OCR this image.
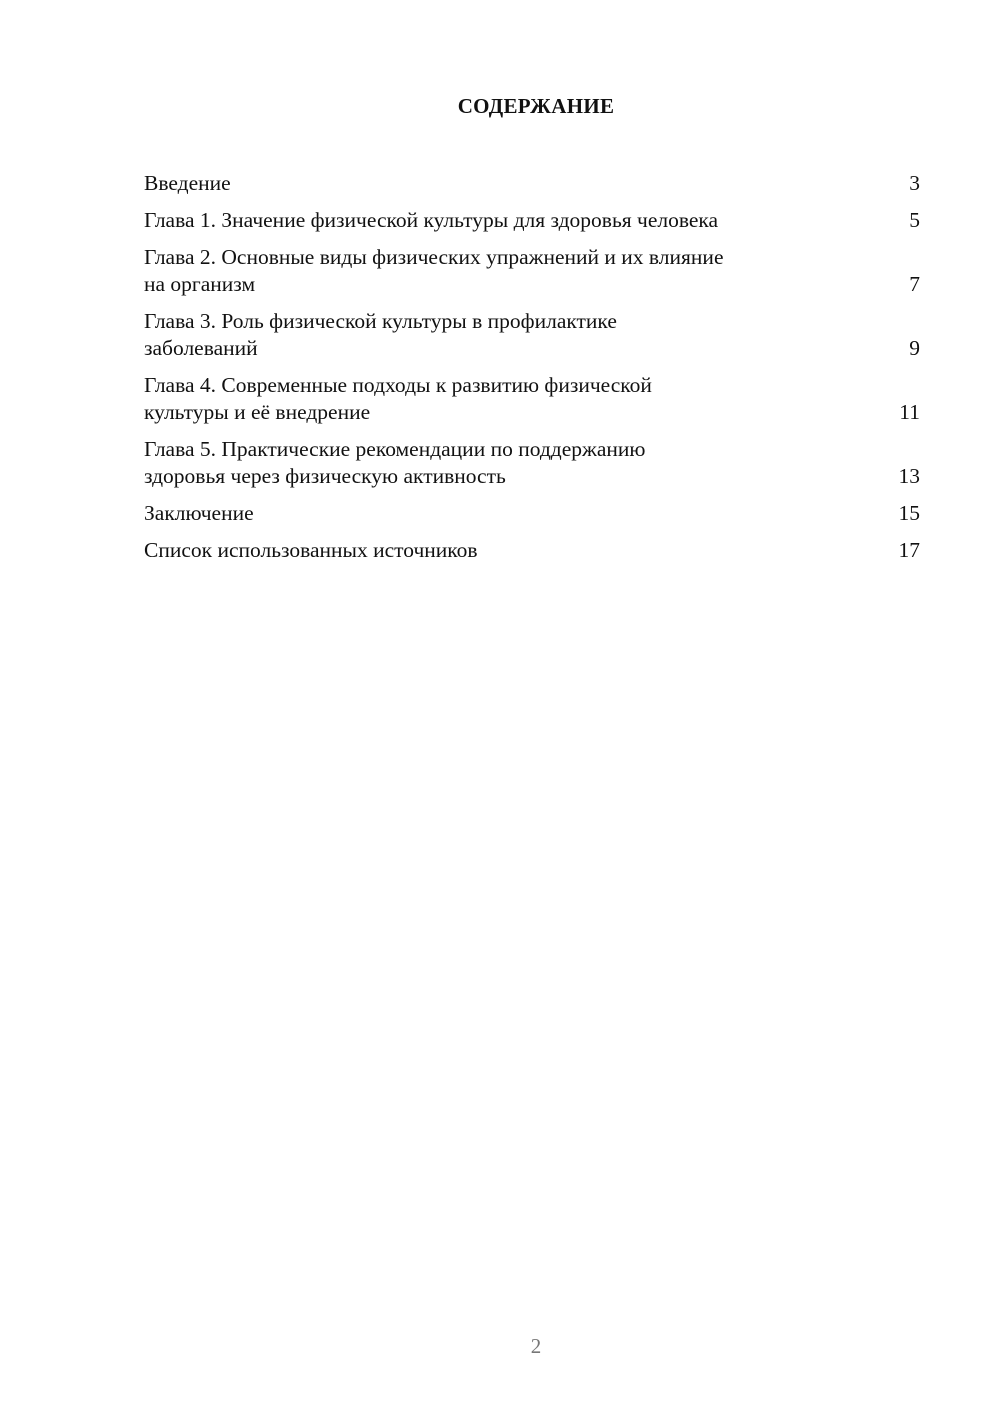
СОДЕРЖАНИЕ
Введение	3
Глава 1. Значение физической культуры для здоровья человека	5
Глава 2. Основные виды физических упражнений и их влияние
на организм	7
Глава 3. Роль физической культуры в профилактике
заболеваний	9
Глава 4. Современные подходы к развитию физической
культуры и её внедрение	11
Глава 5. Практические рекомендации по поддержанию
здоровья через физическую активность	13
Заключение	15
Список использованных источников	17
2
